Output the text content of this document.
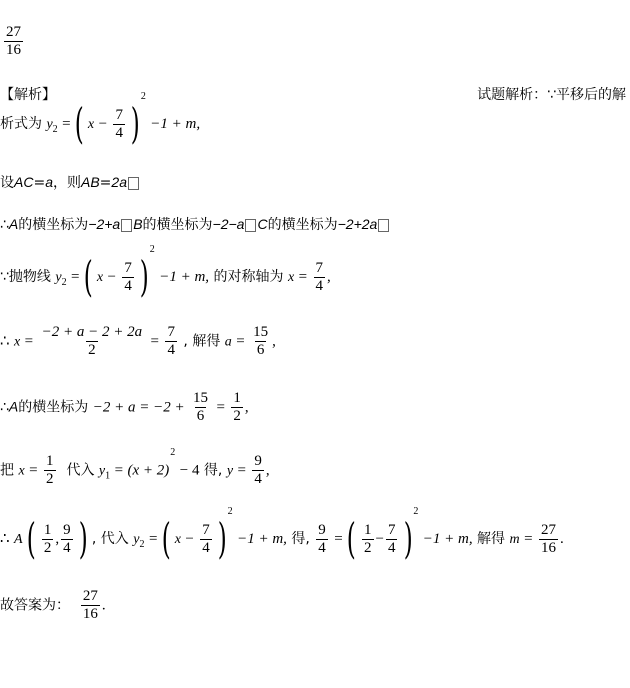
$\frac{27}{16}$
【解析】	试题解析：∵平移后的解
析式为 $y_2$ = ( $x - \frac{7}{4} )^2 -1 + m$,
设AC=a，则AB=2a
∴A的横坐标为−2+a B的横坐标为−2−a C的横坐标为−2+2a
∵抛物线 $y_2$ = ( $x - \frac{7}{4} )^2 -1 + m$, 的对称轴为 $x = \frac{7}{4}$ ,
∴ $x = \frac{-2 + a - 2 + 2a}{2} = \frac{7}{4}$ , 解得 $a = \frac{15}{6}$ ,
∴A的横坐标为 $-2 + a = -2 + \frac{15}{6} = \frac{1}{2}$ ,
把 $x = \frac{1}{2}$ 代入 $y_1 = (x + 2)^2 - 4$ 得, $y = \frac{9}{4}$ ,
∴ A ( $\frac{1}{2}$ , $\frac{9}{4}$ ) , 代入 $y_2$ = ( $x - \frac{7}{4} )^2 -1 + m$, 得, $\frac{9}{4}$ = ( $\frac{1}{2} - \frac{7}{4} )^2 -1 + m$, 解得 $m = \frac{27}{16}$ .
故答案为： $\frac{27}{16}$ .
